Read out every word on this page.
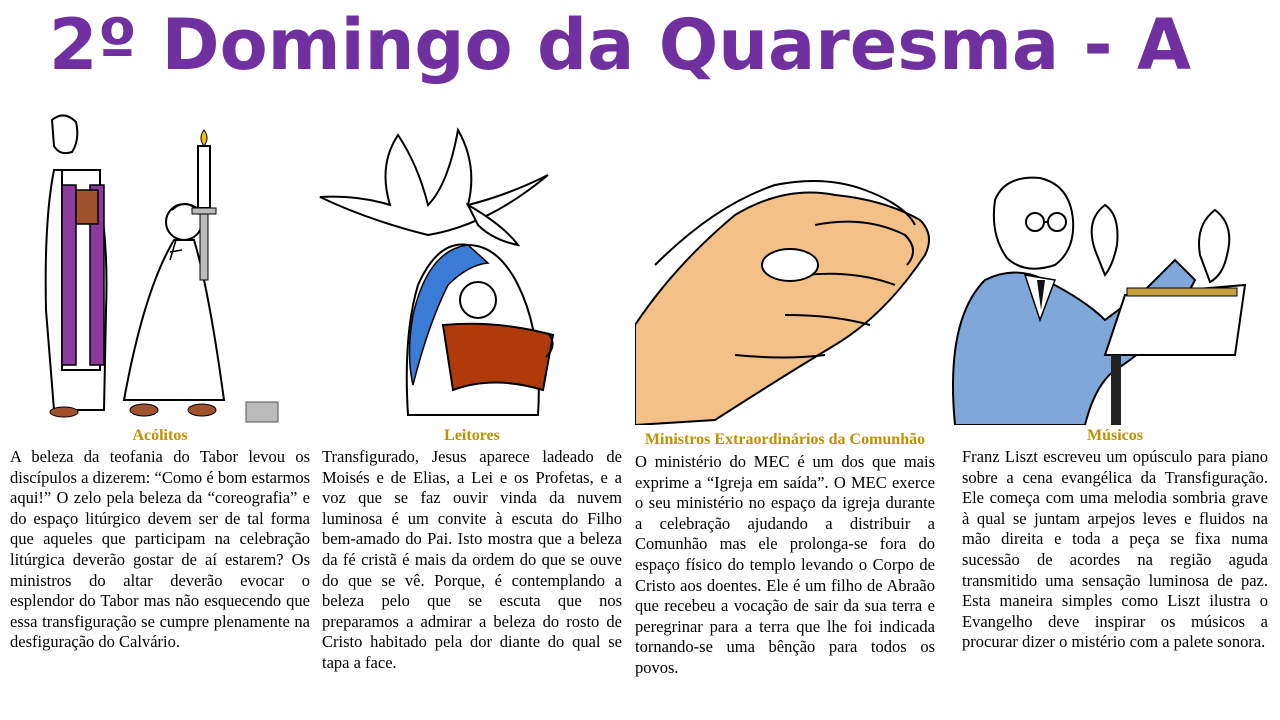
2º Domingo da Quaresma - A
Acólitos
A beleza da teofania do Tabor levou os discípulos a dizerem: “Como é bom estarmos aqui!” O zelo pela beleza da “coreografia” e do espaço litúrgico devem ser de tal forma que aqueles que participam na celebração litúrgica deverão gostar de aí estarem? Os ministros do altar deverão evocar o esplendor do Tabor mas não esquecendo que essa transfiguração se cumpre plenamente na desfiguração do Calvário.
Leitores
Transfigurado, Jesus aparece ladeado de Moisés e de Elias, a Lei e os Profetas, e a voz que se faz ouvir vinda da nuvem luminosa é um convite à escuta do Filho bem-amado do Pai. Isto mostra que a beleza da fé cristã é mais da ordem do que se ouve do que se vê. Porque, é contemplando a beleza pelo que se escuta que nos preparamos a admirar a beleza do rosto de Cristo habitado pela dor diante do qual se tapa a face.
Ministros Extraordinários da Comunhão
O ministério do MEC é um dos que mais exprime a “Igreja em saída”. O MEC exerce o seu ministério no espaço da igreja durante a celebração ajudando a distribuir a Comunhão mas ele prolonga-se fora do espaço físico do templo levando o Corpo de Cristo aos doentes. Ele é um filho de Abraão que recebeu a vocação de sair da sua terra e peregrinar para a terra que lhe foi indicada tornando-se uma bênção para todos os povos.
Músicos
Franz Liszt escreveu um opúsculo para piano sobre a cena evangélica da Transfiguração. Ele começa com uma melodia sombria grave à qual se juntam arpejos leves e fluidos na mão direita e toda a peça se fixa numa sucessão de acordes na região aguda transmitido uma sensação luminosa de paz. Esta maneira simples como Liszt ilustra o Evangelho deve inspirar os músicos a procurar dizer o mistério com a palete sonora.
